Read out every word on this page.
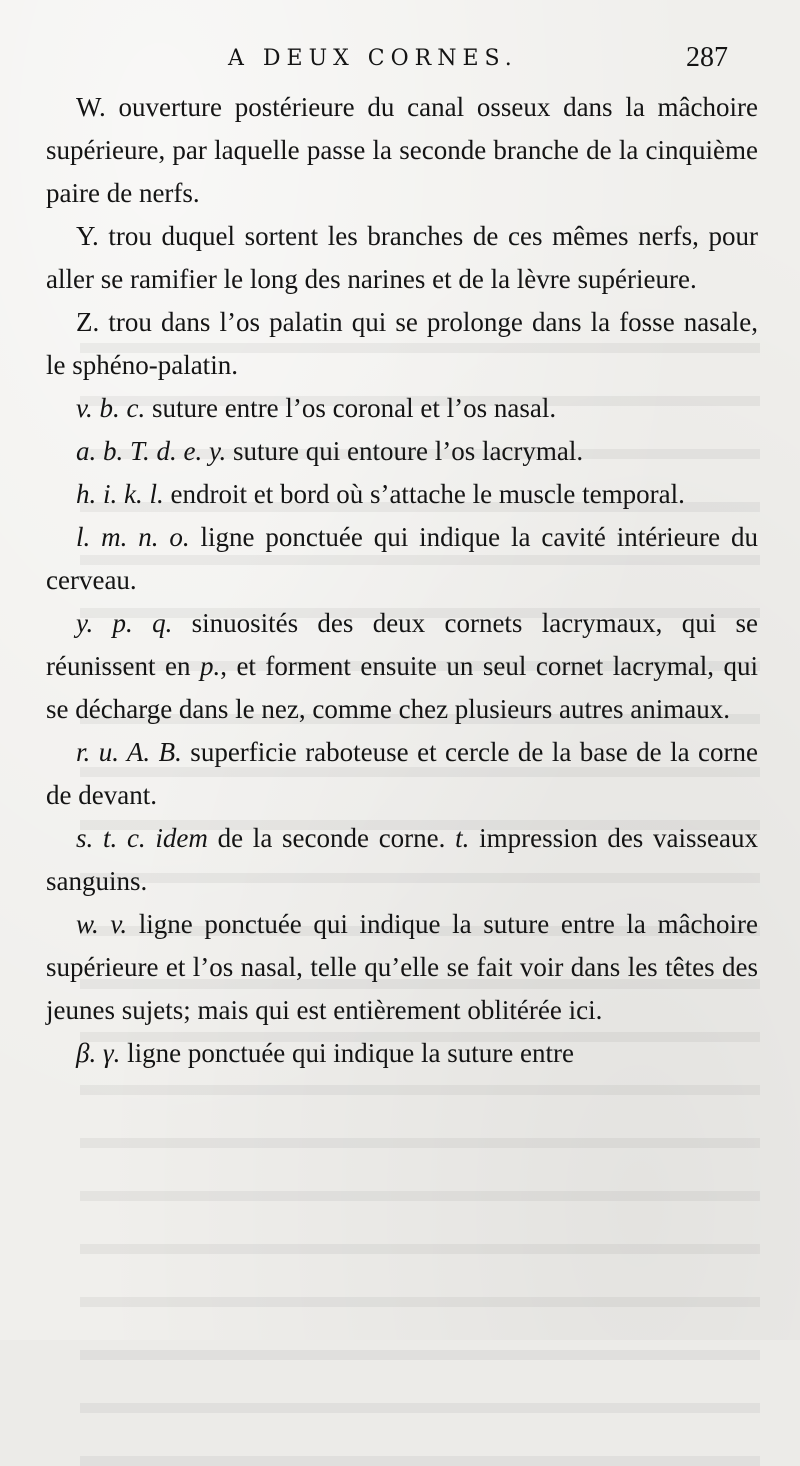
A DEUX CORNES.	287

W. ouverture postérieure du canal osseux dans la mâchoire supérieure, par laquelle passe la seconde branche de la cinquième paire de nerfs.

Y. trou duquel sortent les branches de ces mêmes nerfs, pour aller se ramifier le long des narines et de la lèvre supérieure.

Z. trou dans l’os palatin qui se prolonge dans la fosse nasale, le sphéno-palatin.

v. b. c. suture entre l’os coronal et l’os nasal.

a. b. T. d. e. y. suture qui entoure l’os lacrymal.

h. i. k. l. endroit et bord où s’attache le muscle temporal.

l. m. n. o. ligne ponctuée qui indique la cavité intérieure du cerveau.

y. p. q. sinuosités des deux cornets lacrymaux, qui se réunissent en p., et forment ensuite un seul cornet lacrymal, qui se décharge dans le nez, comme chez plusieurs autres animaux.

r. u. A. B. superficie raboteuse et cercle de la base de la corne de devant.

s. t. c. idem de la seconde corne. t. impression des vaisseaux sanguins.

w. v. ligne ponctuée qui indique la suture entre la mâchoire supérieure et l’os nasal, telle qu’elle se fait voir dans les têtes des jeunes sujets; mais qui est entièrement oblitérée ici.

β. γ. ligne ponctuée qui indique la suture entre
